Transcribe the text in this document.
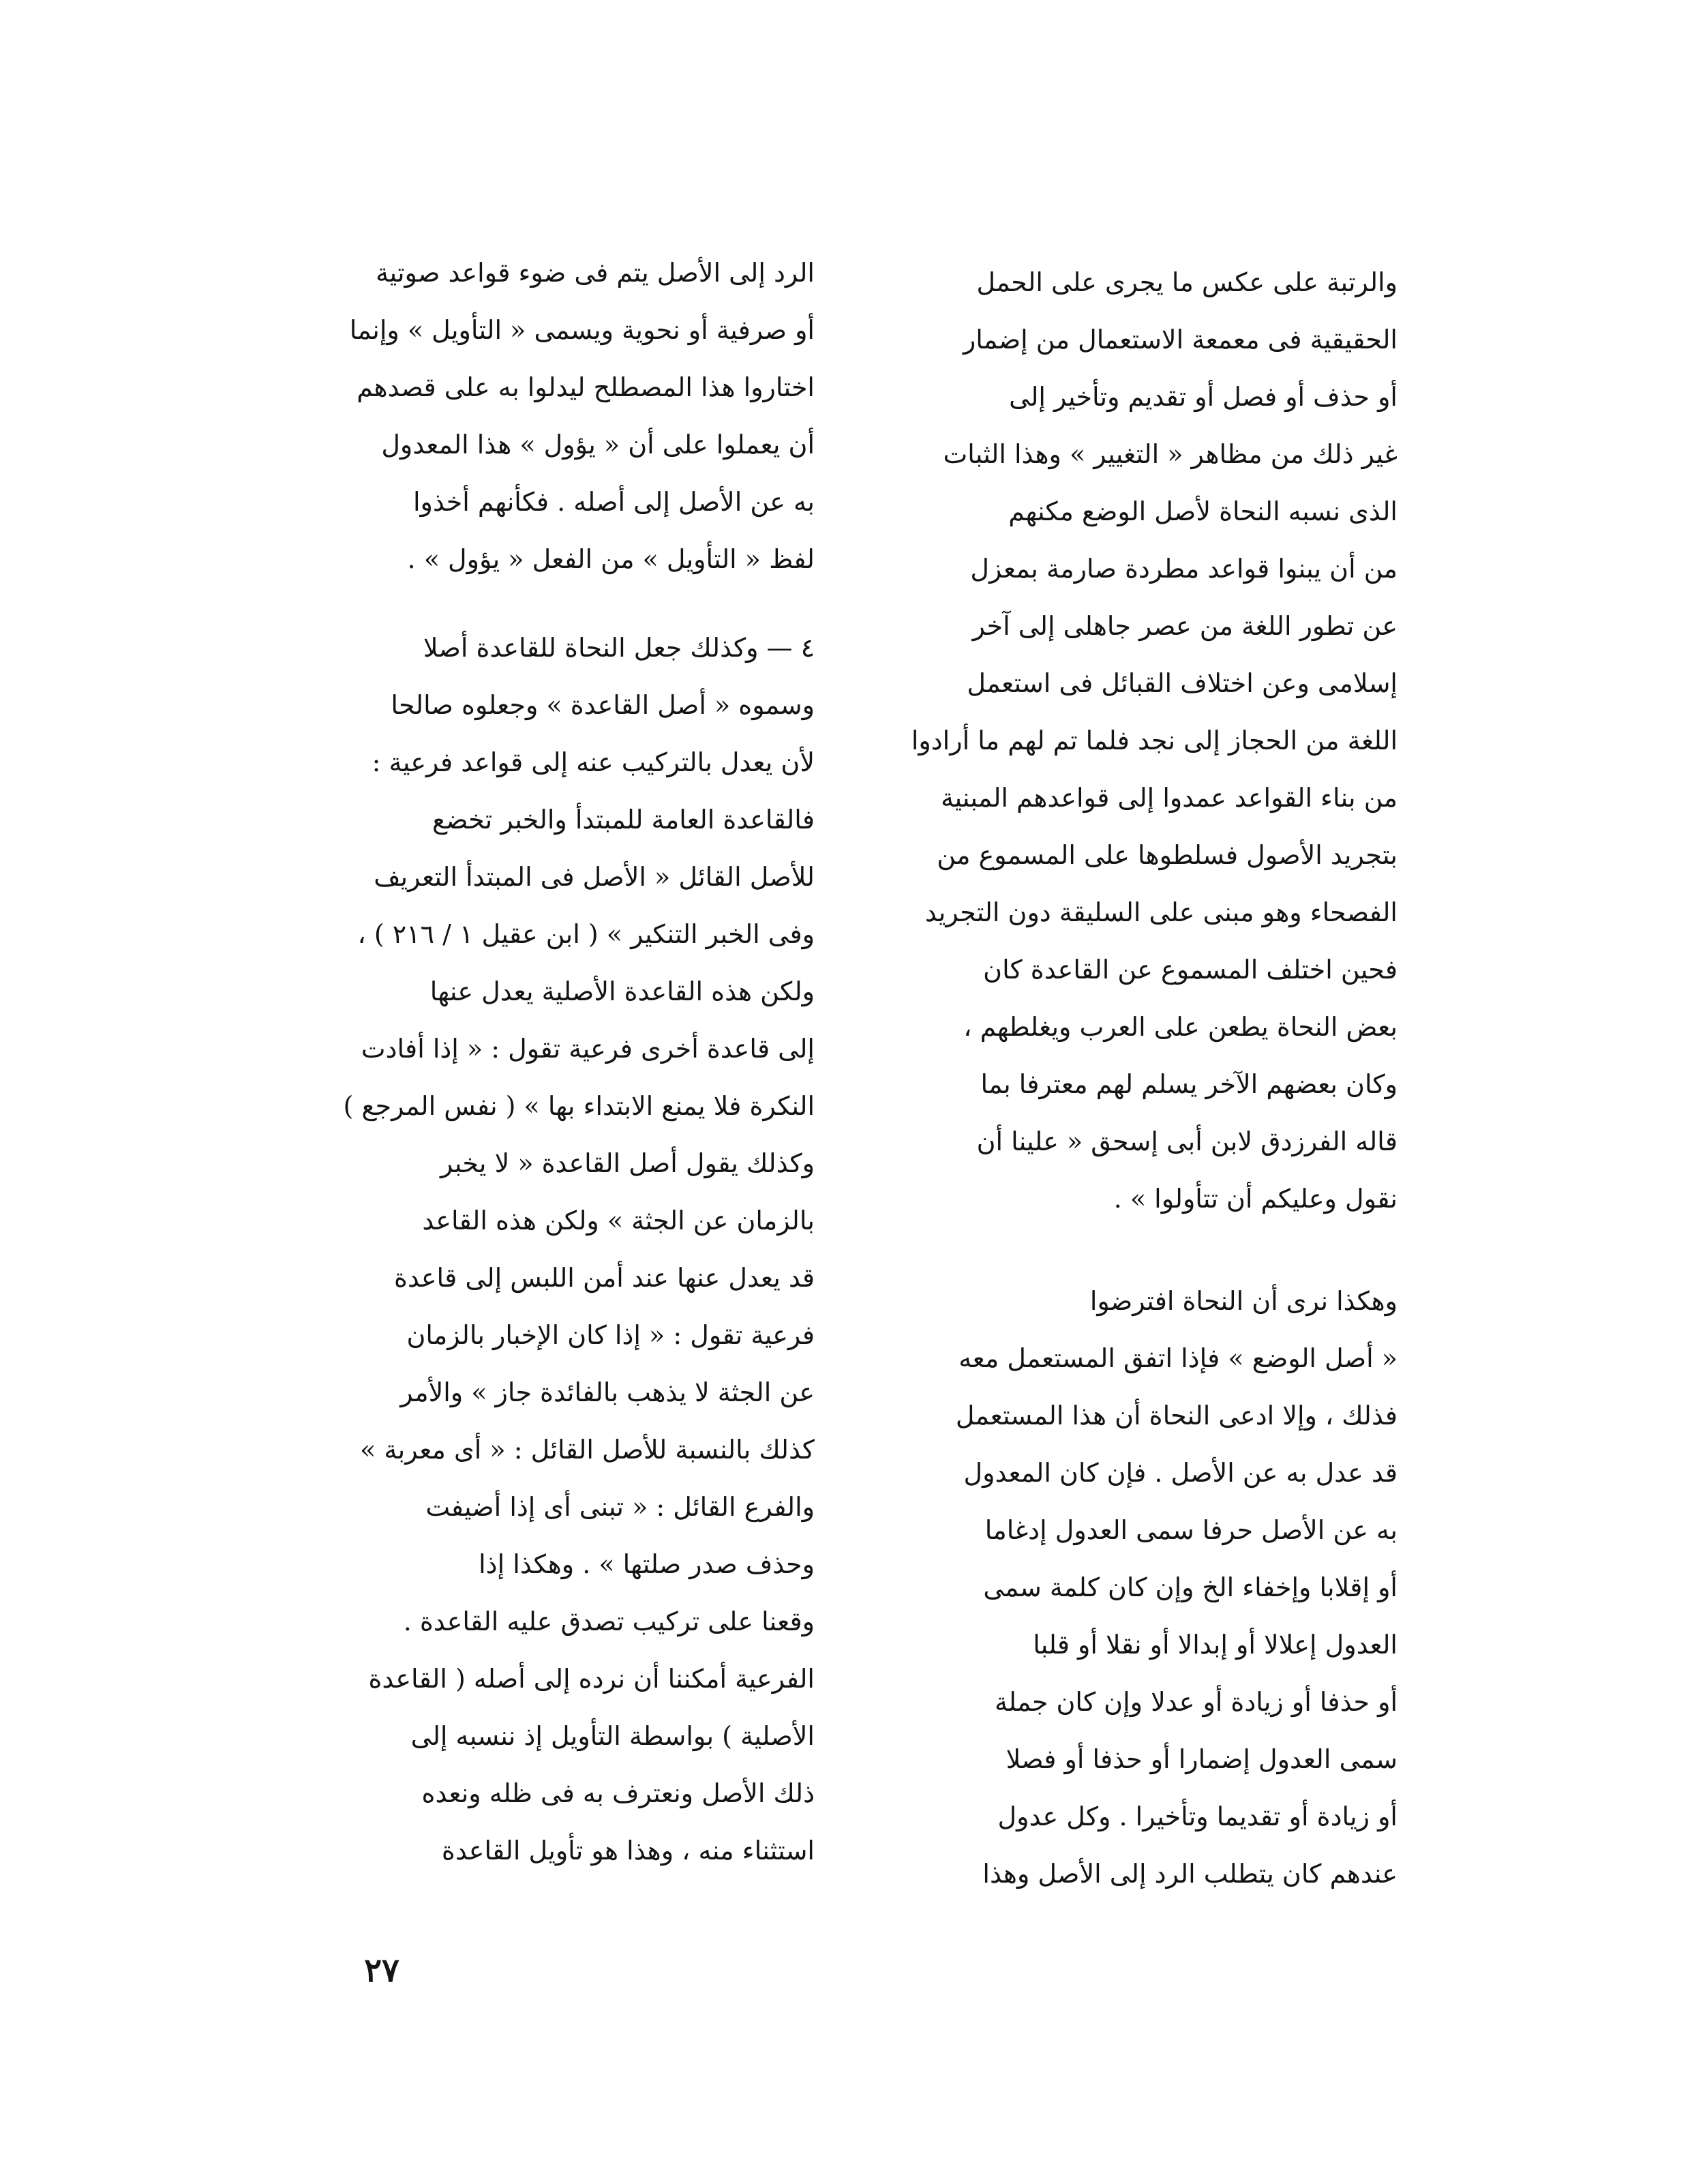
والرتبة على عكس ما يجرى على الحمل
الحقيقية فى معمعة الاستعمال من إضمار
أو حذف أو فصل أو تقديم وتأخير إلى
غير ذلك من مظاهر « التغيير » وهذا الثبات
الذى نسبه النحاة لأصل الوضع مكنهم
من أن يبنوا قواعد مطردة صارمة بمعزل
عن تطور اللغة من عصر جاهلى إلى آخر
إسلامى وعن اختلاف القبائل فى استعمل
اللغة من الحجاز إلى نجد فلما تم لهم ما أرادوا
من بناء القواعد عمدوا إلى قواعدهم المبنية
بتجريد الأصول فسلطوها على المسموع من
الفصحاء وهو مبنى على السليقة دون التجريد
فحين اختلف المسموع عن القاعدة كان
بعض النحاة يطعن على العرب ويغلطهم ،
وكان بعضهم الآخر يسلم لهم معترفا بما
قاله الفرزدق لابن أبى إسحق « علينا أن
نقول وعليكم أن تتأولوا » .
وهكذا نرى أن النحاة افترضوا
« أصل الوضع » فإذا اتفق المستعمل معه
فذلك ، وإلا ادعى النحاة أن هذا المستعمل
قد عدل به عن الأصل . فإن كان المعدول
به عن الأصل حرفا سمى العدول إدغاما
أو إقلابا وإخفاء الخ وإن كان كلمة سمى
العدول إعلالا أو إبدالا أو نقلا أو قلبا
أو حذفا أو زيادة أو عدلا وإن كان جملة
سمى العدول إضمارا أو حذفا أو فصلا
أو زيادة أو تقديما وتأخيرا . وكل عدول
عندهم كان يتطلب الرد إلى الأصل وهذا
الرد إلى الأصل يتم فى ضوء قواعد صوتية
أو صرفية أو نحوية ويسمى « التأويل » وإنما
اختاروا هذا المصطلح ليدلوا به على قصدهم
أن يعملوا على أن « يؤول » هذا المعدول
به عن الأصل إلى أصله . فكأنهم أخذوا
لفظ « التأويل » من الفعل « يؤول » .
٤ — وكذلك جعل النحاة للقاعدة أصلا
وسموه « أصل القاعدة » وجعلوه صالحا
لأن يعدل بالتركيب عنه إلى قواعد فرعية :
فالقاعدة العامة للمبتدأ والخبر تخضع
للأصل القائل « الأصل فى المبتدأ التعريف
وفى الخبر التنكير » ( ابن عقيل ١ / ٢١٦ ) ،
ولكن هذه القاعدة الأصلية يعدل عنها
إلى قاعدة أخرى فرعية تقول : « إذا أفادت
النكرة فلا يمنع الابتداء بها » ( نفس المرجع )
وكذلك يقول أصل القاعدة « لا يخبر
بالزمان عن الجثة » ولكن هذه القاعد
قد يعدل عنها عند أمن اللبس إلى قاعدة
فرعية تقول : « إذا كان الإخبار بالزمان
عن الجثة لا يذهب بالفائدة جاز » والأمر
كذلك بالنسبة للأصل القائل : « أى معربة »
والفرع القائل : « تبنى أى إذا أضيفت
وحذف صدر صلتها » . وهكذا إذا
وقعنا على تركيب تصدق عليه القاعدة .
الفرعية أمكننا أن نرده إلى أصله ( القاعدة
الأصلية ) بواسطة التأويل إذ ننسبه إلى
ذلك الأصل ونعترف به فى ظله ونعده
استثناء منه ، وهذا هو تأويل القاعدة
٢٧
